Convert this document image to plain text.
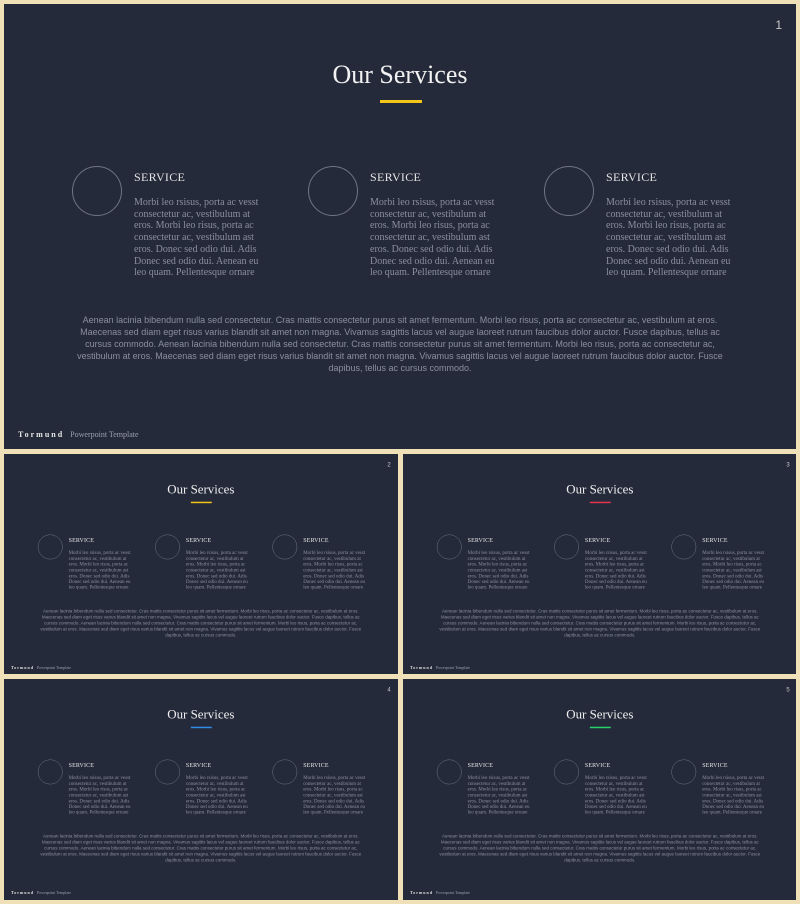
1
Our Services
SERVICE
Morbi leo rsisus, porta ac vesst consectetur ac, vestibulum at eros. Morbi leo risus, porta ac consectetur ac, vestibulum ast eros. Donec sed odio dui. Adis Donec sed odio dui. Aenean eu leo quam. Pellentesque ornare
SERVICE
Morbi leo rsisus, porta ac vesst consectetur ac, vestibulum at eros. Morbi leo risus, porta ac consectetur ac, vestibulum ast eros. Donec sed odio dui. Adis Donec sed odio dui. Aenean eu leo quam. Pellentesque ornare
SERVICE
Morbi leo rsisus, porta ac vesst consectetur ac, vestibulum at eros. Morbi leo risus, porta ac consectetur ac, vestibulum ast eros. Donec sed odio dui. Adis Donec sed odio dui. Aenean eu leo quam. Pellentesque ornare
Aenean lacinia bibendum nulla sed consectetur. Cras mattis consectetur purus sit amet fermentum. Morbi leo risus, porta ac consectetur ac, vestibulum at eros. Maecenas sed diam eget risus varius blandit sit amet non magna. Vivamus sagittis lacus vel augue laoreet rutrum faucibus dolor auctor. Fusce dapibus, tellus ac cursus commodo. Aenean lacinia bibendum nulla sed consectetur. Cras mattis consectetur purus sit amet fermentum. Morbi leo risus, porta ac consectetur ac, vestibulum at eros. Maecenas sed diam eget risus varius blandit sit amet non magna. Vivamus sagittis lacus vel augue laoreet rutrum faucibus dolor auctor. Fusce dapibus, tellus ac cursus commodo.
Tormund Powerpoint Template
2
Our Services
SERVICE
Morbi leo rsisus, porta ac vesst consectetur ac, vestibulum at eros. Morbi leo risus, porta ac consectetur ac, vestibulum ast eros. Donec sed odio dui. Adis Donec sed odio dui. Aenean eu leo quam. Pellentesque ornare
SERVICE
Morbi leo rsisus, porta ac vesst consectetur ac, vestibulum at eros. Morbi leo risus, porta ac consectetur ac, vestibulum ast eros. Donec sed odio dui. Adis Donec sed odio dui. Aenean eu leo quam. Pellentesque ornare
SERVICE
Morbi leo rsisus, porta ac vesst consectetur ac, vestibulum at eros. Morbi leo risus, porta ac consectetur ac, vestibulum ast eros. Donec sed odio dui. Adis Donec sed odio dui. Aenean eu leo quam. Pellentesque ornare
Aenean lacinia bibendum nulla sed consectetur. Cras mattis consectetur purus sit amet fermentum. Morbi leo risus, porta ac consectetur ac, vestibulum at eros. Maecenas sed diam eget risus varius blandit sit amet non magna. Vivamus sagittis lacus vel augue laoreet rutrum faucibus dolor auctor. Fusce dapibus, tellus ac cursus commodo. Aenean lacinia bibendum nulla sed consectetur. Cras mattis consectetur purus sit amet fermentum. Morbi leo risus, porta ac consectetur ac, vestibulum at eros. Maecenas sed diam eget risus varius blandit sit amet non magna. Vivamus sagittis lacus vel augue laoreet rutrum faucibus dolor auctor. Fusce dapibus, tellus ac cursus commodo.
Tormund Powerpoint Template
3
Our Services
SERVICE
Morbi leo rsisus, porta ac vesst consectetur ac, vestibulum at eros. Morbi leo risus, porta ac consectetur ac, vestibulum ast eros. Donec sed odio dui. Adis Donec sed odio dui. Aenean eu leo quam. Pellentesque ornare
SERVICE
Morbi leo rsisus, porta ac vesst consectetur ac, vestibulum at eros. Morbi leo risus, porta ac consectetur ac, vestibulum ast eros. Donec sed odio dui. Adis Donec sed odio dui. Aenean eu leo quam. Pellentesque ornare
SERVICE
Morbi leo rsisus, porta ac vesst consectetur ac, vestibulum at eros. Morbi leo risus, porta ac consectetur ac, vestibulum ast eros. Donec sed odio dui. Adis Donec sed odio dui. Aenean eu leo quam. Pellentesque ornare
Aenean lacinia bibendum nulla sed consectetur. Cras mattis consectetur purus sit amet fermentum. Morbi leo risus, porta ac consectetur ac, vestibulum at eros. Maecenas sed diam eget risus varius blandit sit amet non magna. Vivamus sagittis lacus vel augue laoreet rutrum faucibus dolor auctor. Fusce dapibus, tellus ac cursus commodo. Aenean lacinia bibendum nulla sed consectetur. Cras mattis consectetur purus sit amet fermentum. Morbi leo risus, porta ac consectetur ac, vestibulum at eros. Maecenas sed diam eget risus varius blandit sit amet non magna. Vivamus sagittis lacus vel augue laoreet rutrum faucibus dolor auctor. Fusce dapibus, tellus ac cursus commodo.
Tormund Powerpoint Template
4
Our Services
SERVICE
Morbi leo rsisus, porta ac vesst consectetur ac, vestibulum at eros. Morbi leo risus, porta ac consectetur ac, vestibulum ast eros. Donec sed odio dui. Adis Donec sed odio dui. Aenean eu leo quam. Pellentesque ornare
SERVICE
Morbi leo rsisus, porta ac vesst consectetur ac, vestibulum at eros. Morbi leo risus, porta ac consectetur ac, vestibulum ast eros. Donec sed odio dui. Adis Donec sed odio dui. Aenean eu leo quam. Pellentesque ornare
SERVICE
Morbi leo rsisus, porta ac vesst consectetur ac, vestibulum at eros. Morbi leo risus, porta ac consectetur ac, vestibulum ast eros. Donec sed odio dui. Adis Donec sed odio dui. Aenean eu leo quam. Pellentesque ornare
Aenean lacinia bibendum nulla sed consectetur. Cras mattis consectetur purus sit amet fermentum. Morbi leo risus, porta ac consectetur ac, vestibulum at eros. Maecenas sed diam eget risus varius blandit sit amet non magna. Vivamus sagittis lacus vel augue laoreet rutrum faucibus dolor auctor. Fusce dapibus, tellus ac cursus commodo. Aenean lacinia bibendum nulla sed consectetur. Cras mattis consectetur purus sit amet fermentum. Morbi leo risus, porta ac consectetur ac, vestibulum at eros. Maecenas sed diam eget risus varius blandit sit amet non magna. Vivamus sagittis lacus vel augue laoreet rutrum faucibus dolor auctor. Fusce dapibus, tellus ac cursus commodo.
Tormund Powerpoint Template
5
Our Services
SERVICE
Morbi leo rsisus, porta ac vesst consectetur ac, vestibulum at eros. Morbi leo risus, porta ac consectetur ac, vestibulum ast eros. Donec sed odio dui. Adis Donec sed odio dui. Aenean eu leo quam. Pellentesque ornare
SERVICE
Morbi leo rsisus, porta ac vesst consectetur ac, vestibulum at eros. Morbi leo risus, porta ac consectetur ac, vestibulum ast eros. Donec sed odio dui. Adis Donec sed odio dui. Aenean eu leo quam. Pellentesque ornare
SERVICE
Morbi leo rsisus, porta ac vesst consectetur ac, vestibulum at eros. Morbi leo risus, porta ac consectetur ac, vestibulum ast eros. Donec sed odio dui. Adis Donec sed odio dui. Aenean eu leo quam. Pellentesque ornare
Aenean lacinia bibendum nulla sed consectetur. Cras mattis consectetur purus sit amet fermentum. Morbi leo risus, porta ac consectetur ac, vestibulum at eros. Maecenas sed diam eget risus varius blandit sit amet non magna. Vivamus sagittis lacus vel augue laoreet rutrum faucibus dolor auctor. Fusce dapibus, tellus ac cursus commodo. Aenean lacinia bibendum nulla sed consectetur. Cras mattis consectetur purus sit amet fermentum. Morbi leo risus, porta ac consectetur ac, vestibulum at eros. Maecenas sed diam eget risus varius blandit sit amet non magna. Vivamus sagittis lacus vel augue laoreet rutrum faucibus dolor auctor. Fusce dapibus, tellus ac cursus commodo.
Tormund Powerpoint Template
